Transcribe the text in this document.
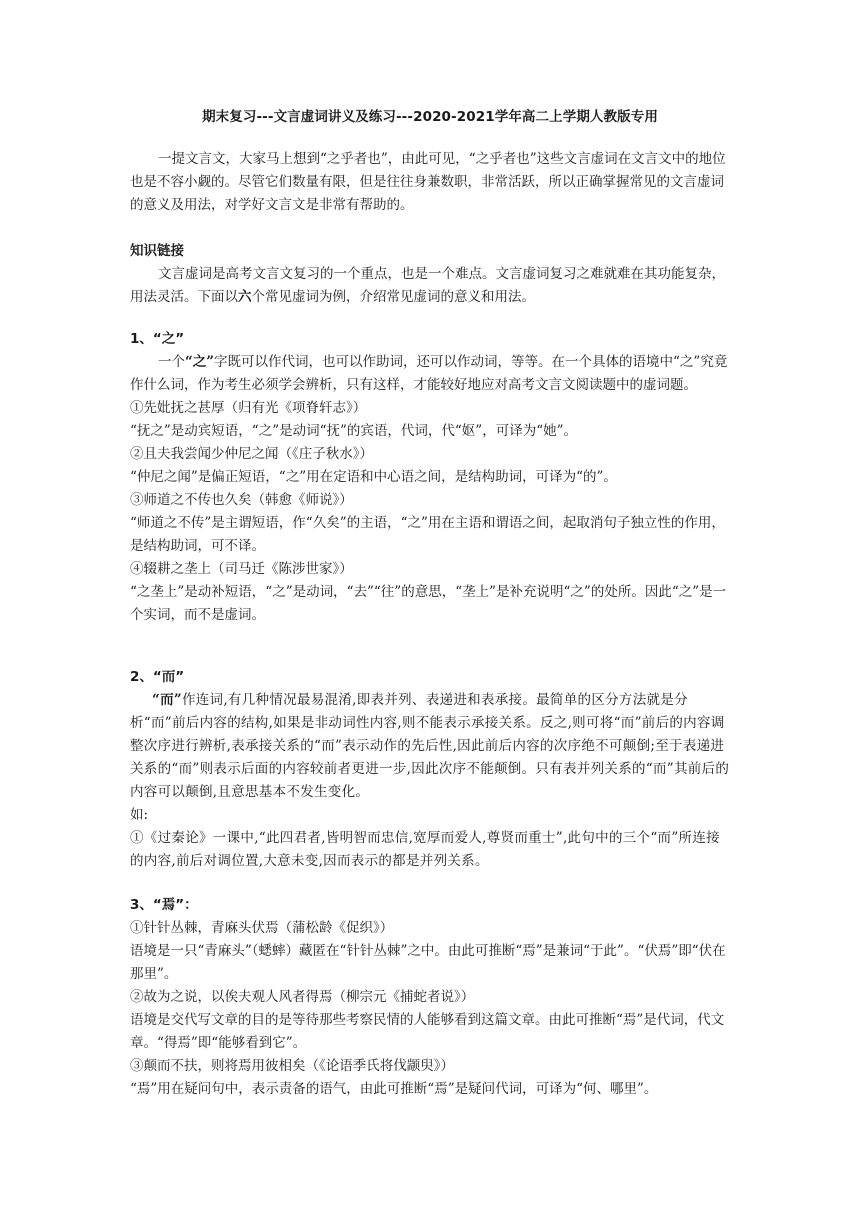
期末复习---文言虚词讲义及练习---2020-2021学年高二上学期人教版专用

一提文言文，大家马上想到“之乎者也”，由此可见，“之乎者也”这些文言虚词在文言文中的地位也是不容小觑的。尽管它们数量有限，但是往往身兼数职，非常活跃，所以正确掌握常见的文言虚词的意义及用法，对学好文言文是非常有帮助的。

知识链接

文言虚词是高考文言文复习的一个重点，也是一个难点。文言虚词复习之难就难在其功能复杂，用法灵活。下面以六个常见虚词为例，介绍常见虚词的意义和用法。

1、“之”

一个“之”字既可以作代词，也可以作助词，还可以作动词，等等。在一个具体的语境中“之”究竟作什么词，作为考生必须学会辨析，只有这样，才能较好地应对高考文言文阅读题中的虚词题。

①先妣抚之甚厚（归有光《项脊轩志》）

“抚之”是动宾短语，“之”是动词“抚”的宾语，代词，代“妪”，可译为“她”。

②且夫我尝闻少仲尼之闻（《庄子秋水》）

“仲尼之闻”是偏正短语，“之”用在定语和中心语之间，是结构助词，可译为“的”。

③师道之不传也久矣（韩愈《师说》）

“师道之不传”是主谓短语，作“久矣”的主语，“之”用在主语和谓语之间，起取消句子独立性的作用，是结构助词，可不译。

④辍耕之垄上（司马迁《陈涉世家》）

“之垄上”是动补短语，“之”是动词，“去”“往”的意思，“垄上”是补充说明“之”的处所。因此“之”是一个实词，而不是虚词。

2、“而”

“而”作连词,有几种情况最易混淆,即表并列、表递进和表承接。最简单的区分方法就是分析“而”前后内容的结构,如果是非动词性内容,则不能表示承接关系。反之,则可将“而”前后的内容调整次序进行辨析,表承接关系的“而”表示动作的先后性,因此前后内容的次序绝不可颠倒;至于表递进关系的“而”则表示后面的内容较前者更进一步,因此次序不能颠倒。只有表并列关系的“而”其前后的内容可以颠倒,且意思基本不发生变化。

如:

①《过秦论》一课中,“此四君者,皆明智而忠信,宽厚而爱人,尊贤而重士”,此句中的三个“而”所连接的内容,前后对调位置,大意未变,因而表示的都是并列关系。

3、“焉”：

①针针丛棘，青麻头伏焉（蒲松龄《促织》）

语境是一只“青麻头”（蟋蟀）藏匿在“针针丛棘”之中。由此可推断“焉”是兼词“于此”。“伏焉”即“伏在那里”。

②故为之说，以俟夫观人风者得焉（柳宗元《捕蛇者说》）

语境是交代写文章的目的是等待那些考察民情的人能够看到这篇文章。由此可推断“焉”是代词，代文章。“得焉”即“能够看到它”。

③颠而不扶，则将焉用彼相矣（《论语季氏将伐颛臾》）

“焉”用在疑问句中，表示责备的语气，由此可推断“焉”是疑问代词，可译为“何、哪里”。
